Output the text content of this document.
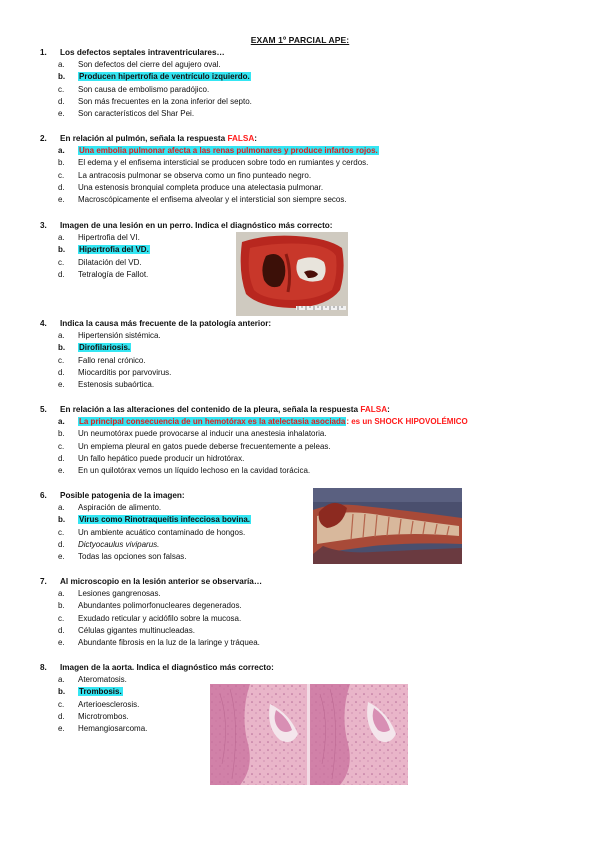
EXAM 1º PARCIAL APE:
1. Los defectos septales intraventriculares…
a. Son defectos del cierre del agujero oval.
b. Producen hipertrofia de ventrículo izquierdo.
c. Son causa de embolismo paradójico.
d. Son más frecuentes en la zona inferior del septo.
e. Son característicos del Shar Pei.
2. En relación al pulmón, señala la respuesta FALSA:
a. Una embolia pulmonar afecta a las renas pulmonares y produce infartos rojos.
b. El edema y el enfisema intersticial se producen sobre todo en rumiantes y cerdos.
c. La antracosis pulmonar se observa como un fino punteado negro.
d. Una estenosis bronquial completa produce una atelectasia pulmonar.
e. Macroscópicamente el enfisema alveolar y el intersticial son siempre secos.
3. Imagen de una lesión en un perro. Indica el diagnóstico más correcto:
a. Hipertrofia del VI.
b. Hipertrofia del VD.
c. Dilatación del VD.
d. Tetralogía de Fallot.
4. Indica la causa más frecuente de la patología anterior:
a. Hipertensión sistémica.
b. Dirofilariosis.
c. Fallo renal crónico.
d. Miocarditis por parvovirus.
e. Estenosis subaórtica.
5. En relación a las alteraciones del contenido de la pleura, señala la respuesta FALSA:
a. La principal consecuencia de un hemotórax es la atelectasia asociada: es un SHOCK HIPOVOLÉMICO
b. Un neumotórax puede provocarse al inducir una anestesia inhalatoria.
c. Un empiema pleural en gatos puede deberse frecuentemente a peleas.
d. Un fallo hepático puede producir un hidrotórax.
e. En un quilotórax vemos un líquido lechoso en la cavidad torácica.
6. Posible patogenia de la imagen:
a. Aspiración de alimento.
b. Virus como Rinotraqueítis infecciosa bovina.
c. Un ambiente acuático contaminado de hongos.
d. Dictyocaulus viviparus.
e. Todas las opciones son falsas.
7. Al microscopio en la lesión anterior se observaría…
a. Lesiones gangrenosas.
b. Abundantes polimorfonucleares degenerados.
c. Exudado reticular y acidófilo sobre la mucosa.
d. Células gigantes multinucleadas.
e. Abundante fibrosis en la luz de la laringe y tráquea.
8. Imagen de la aorta. Indica el diagnóstico más correcto:
a. Ateromatosis.
b. Trombosis.
c. Arterioesclerosis.
d. Microtrombos.
e. Hemangiosarcoma.
